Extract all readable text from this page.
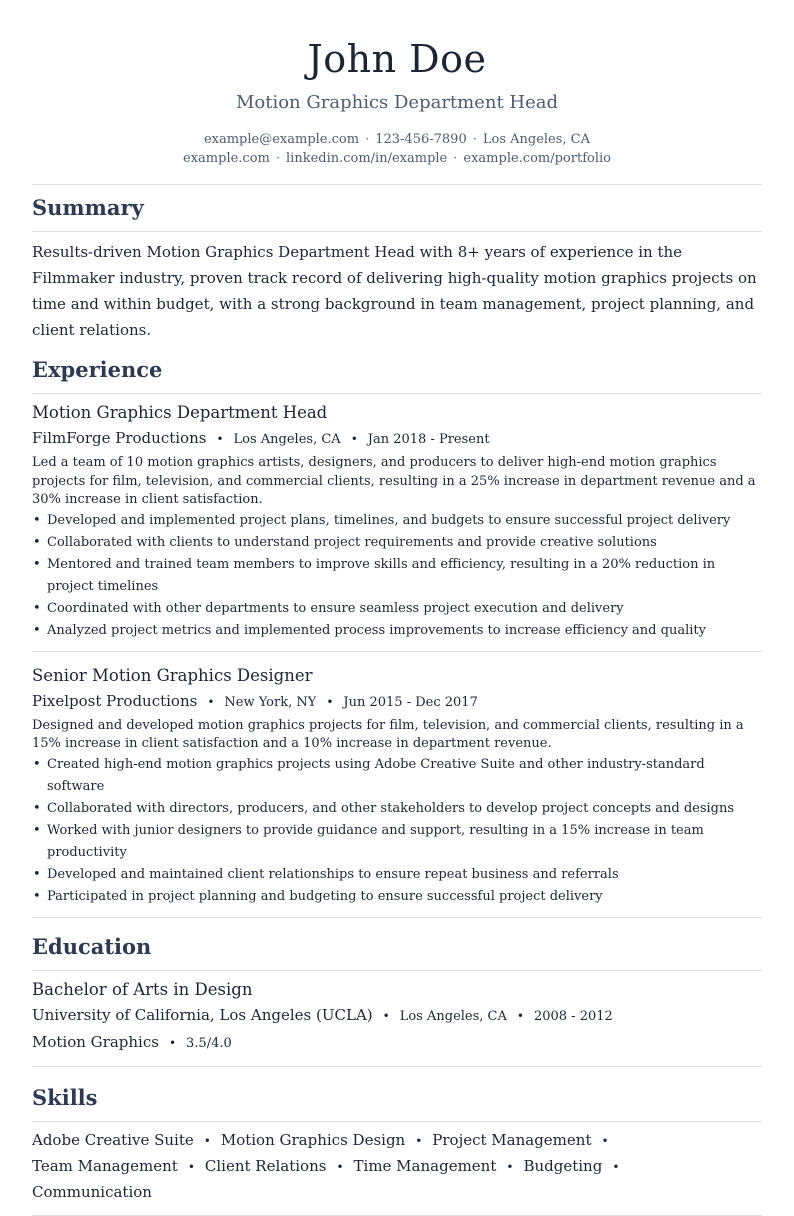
John Doe
Motion Graphics Department Head
example@example.com · 123-456-7890 · Los Angeles, CA
example.com · linkedin.com/in/example · example.com/portfolio
Summary
Results-driven Motion Graphics Department Head with 8+ years of experience in the Filmmaker industry, proven track record of delivering high-quality motion graphics projects on time and within budget, with a strong background in team management, project planning, and client relations.
Experience
Motion Graphics Department Head
FilmForge Productions • Los Angeles, CA • Jan 2018 - Present
Led a team of 10 motion graphics artists, designers, and producers to deliver high-end motion graphics projects for film, television, and commercial clients, resulting in a 25% increase in department revenue and a 30% increase in client satisfaction.
• Developed and implemented project plans, timelines, and budgets to ensure successful project delivery
• Collaborated with clients to understand project requirements and provide creative solutions
• Mentored and trained team members to improve skills and efficiency, resulting in a 20% reduction in project timelines
• Coordinated with other departments to ensure seamless project execution and delivery
• Analyzed project metrics and implemented process improvements to increase efficiency and quality
Senior Motion Graphics Designer
Pixelpost Productions • New York, NY • Jun 2015 - Dec 2017
Designed and developed motion graphics projects for film, television, and commercial clients, resulting in a 15% increase in client satisfaction and a 10% increase in department revenue.
• Created high-end motion graphics projects using Adobe Creative Suite and other industry-standard software
• Collaborated with directors, producers, and other stakeholders to develop project concepts and designs
• Worked with junior designers to provide guidance and support, resulting in a 15% increase in team productivity
• Developed and maintained client relationships to ensure repeat business and referrals
• Participated in project planning and budgeting to ensure successful project delivery
Education
Bachelor of Arts in Design
University of California, Los Angeles (UCLA) • Los Angeles, CA • 2008 - 2012
Motion Graphics • 3.5/4.0
Skills
Adobe Creative Suite • Motion Graphics Design • Project Management •
Team Management • Client Relations • Time Management • Budgeting •
Communication
